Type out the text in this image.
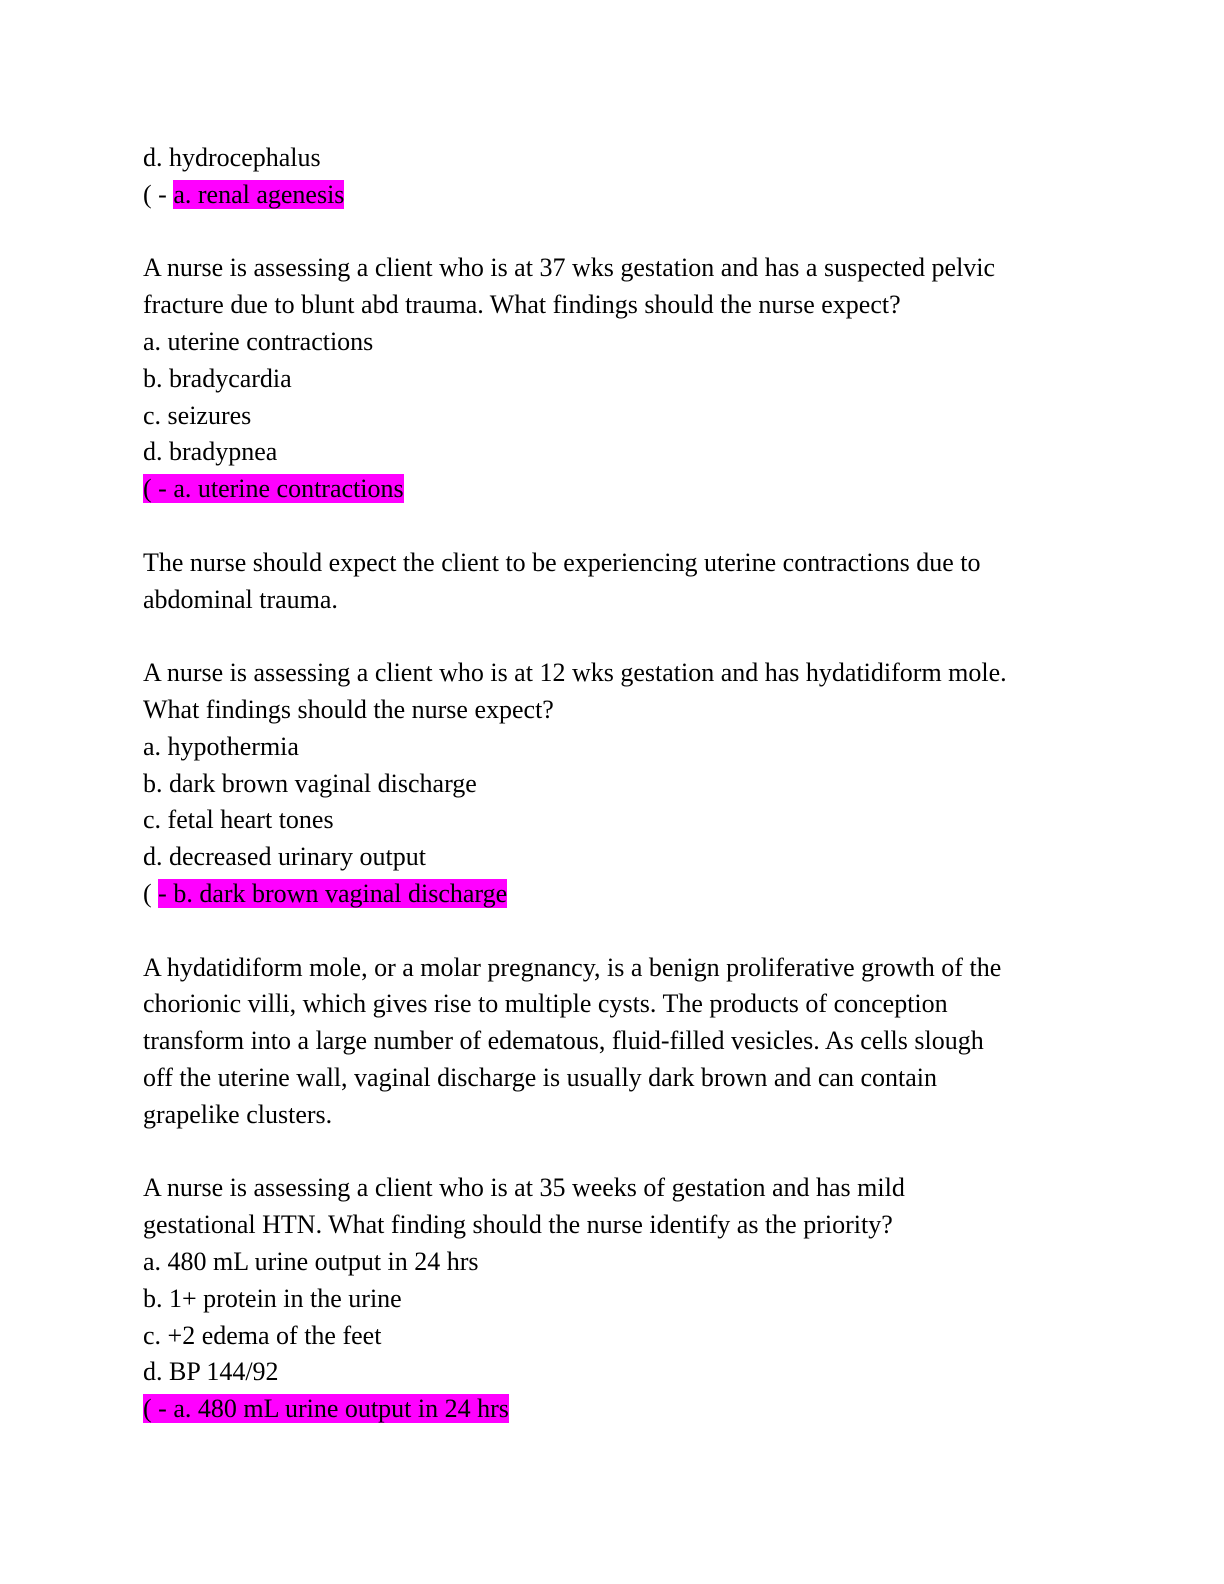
d. hydrocephalus
( - a. renal agenesis
A nurse is assessing a client who is at 37 wks gestation and has a suspected pelvic
fracture due to blunt abd trauma. What findings should the nurse expect?
a. uterine contractions
b. bradycardia
c. seizures
d. bradypnea
( - a. uterine contractions
The nurse should expect the client to be experiencing uterine contractions due to
abdominal trauma.
A nurse is assessing a client who is at 12 wks gestation and has hydatidiform mole.
What findings should the nurse expect?
a. hypothermia
b. dark brown vaginal discharge
c. fetal heart tones
d. decreased urinary output
( - b. dark brown vaginal discharge
A hydatidiform mole, or a molar pregnancy, is a benign proliferative growth of the
chorionic villi, which gives rise to multiple cysts. The products of conception
transform into a large number of edematous, fluid-filled vesicles. As cells slough
off the uterine wall, vaginal discharge is usually dark brown and can contain
grapelike clusters.
A nurse is assessing a client who is at 35 weeks of gestation and has mild
gestational HTN. What finding should the nurse identify as the priority?
a. 480 mL urine output in 24 hrs
b. 1+ protein in the urine
c. +2 edema of the feet
d. BP 144/92
( - a. 480 mL urine output in 24 hrs
